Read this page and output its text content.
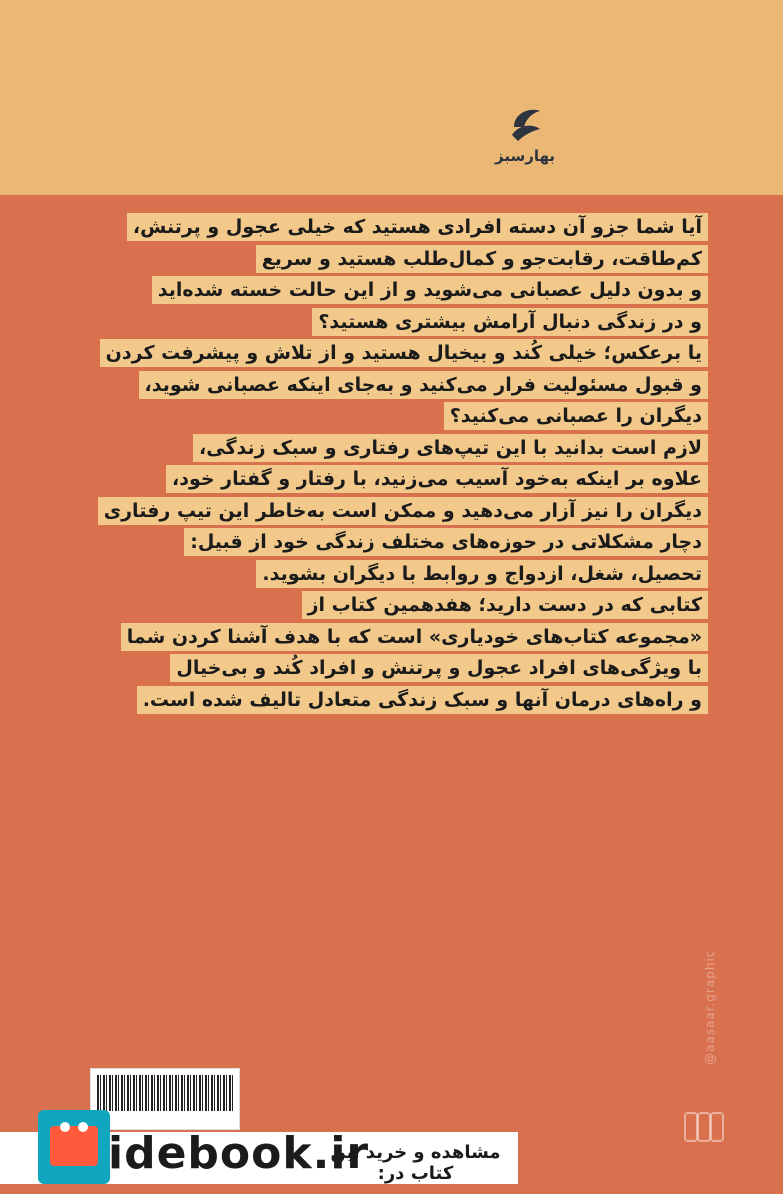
بهارسبز
آیا شما جزو آن دسته افرادی هستید که خیلی عجول و پرتنش،
کم‌طاقت، رقابت‌جو و کمال‌طلب هستید و سریع
و بدون دلیل عصبانی می‌شوید و از این حالت خسته شده‌اید
و در زندگی دنبال آرامش بیشتری هستید؟
یا برعکس؛ خیلی کُند و بیخیال هستید و از تلاش و پیشرفت کردن
و قبول مسئولیت فرار می‌کنید و به‌جای اینکه عصبانی شوید،
دیگران را عصبانی می‌کنید؟
لازم است بدانید با این تیپ‌های رفتاری و سبک زندگی،
علاوه بر اینکه به‌خود آسیب می‌زنید، با رفتار و گفتار خود،
دیگران را نیز آزار می‌دهید و ممکن است به‌خاطر این تیپ رفتاری
دچار مشکلاتی در حوزه‌های مختلف زندگی خود از قبیل:
تحصیل، شغل، ازدواج و روابط با دیگران بشوید.
کتابی که در دست دارید؛ هفدهمین کتاب از
«مجموعه کتاب‌های خودیاری» است که با هدف آشنا کردن شما
با ویژگی‌های افراد عجول و پرتنش و افراد کُند و بی‌خیال
و راه‌های درمان آنها و سبک زندگی متعادل تالیف شده است.
@aasaar.graphic
idebook.ir
مشاهده و خرید این کتاب در:
